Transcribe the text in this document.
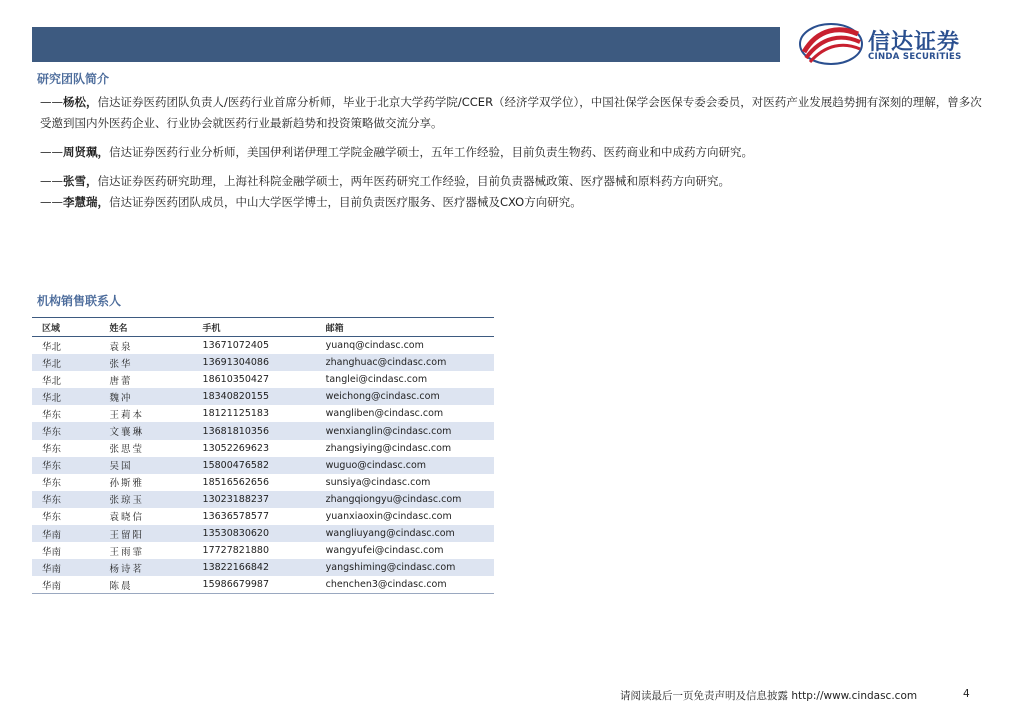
信达证券
CINDA SECURITIES
研究团队简介

——杨松，信达证券医药团队负责人/医药行业首席分析师，毕业于北京大学药学院/CCER（经济学双学位），中国社保学会医保专委会委员，对医药产业发展趋势拥有深刻的理解，曾多次受邀到国内外医药企业、行业协会就医药行业最新趋势和投资策略做交流分享。

——周贤珮，信达证券医药行业分析师，美国伊利诺伊理工学院金融学硕士，五年工作经验，目前负责生物药、医药商业和中成药方向研究。

——张雪，信达证券医药研究助理，上海社科院金融学硕士，两年医药研究工作经验，目前负责器械政策、医疗器械和原料药方向研究。

——李慧瑞，信达证券医药团队成员，中山大学医学博士，目前负责医疗服务、医疗器械及CXO方向研究。

机构销售联系人
区域	姓名	手机	邮箱
华北	袁泉	13671072405	yuanq@cindasc.com
华北	张华	13691304086	zhanghuac@cindasc.com
华北	唐蕾	18610350427	tanglei@cindasc.com
华北	魏冲	18340820155	weichong@cindasc.com
华东	王莉本	18121125183	wangliben@cindasc.com
华东	文襄琳	13681810356	wenxianglin@cindasc.com
华东	张思莹	13052269623	zhangsiying@cindasc.com
华东	吴国	15800476582	wuguo@cindasc.com
华东	孙斯雅	18516562656	sunsiya@cindasc.com
华东	张琼玉	13023188237	zhangqiongyu@cindasc.com
华东	袁晓信	13636578577	yuanxiaoxin@cindasc.com
华南	王留阳	13530830620	wangliuyang@cindasc.com
华南	王雨霏	17727821880	wangyufei@cindasc.com
华南	杨诗茗	13822166842	yangshiming@cindasc.com
华南	陈晨	15986679987	chenchen3@cindasc.com
请阅读最后一页免责声明及信息披露 http://www.cindasc.com	4
